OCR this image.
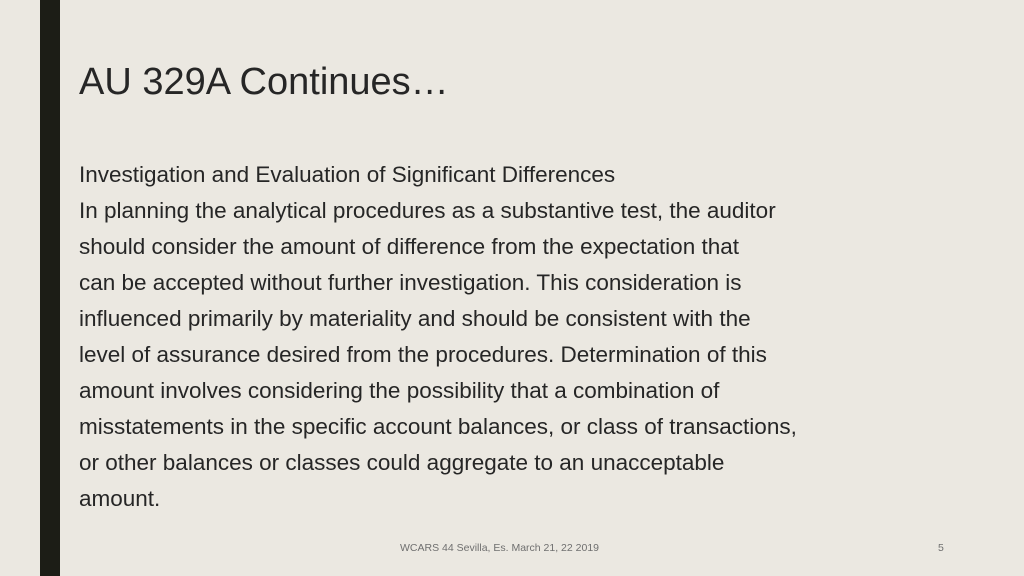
AU 329A Continues…
Investigation and Evaluation of Significant Differences
In planning the analytical procedures as a substantive test, the auditor
should consider the amount of difference from the expectation that
can be accepted without further investigation. This consideration is
influenced primarily by materiality and should be consistent with the
level of assurance desired from the procedures. Determination of this
amount involves considering the possibility that a combination of
misstatements in the specific account balances, or class of transactions,
or other balances or classes could aggregate to an unacceptable
amount.
WCARS 44 Sevilla, Es. March 21, 22 2019	5
